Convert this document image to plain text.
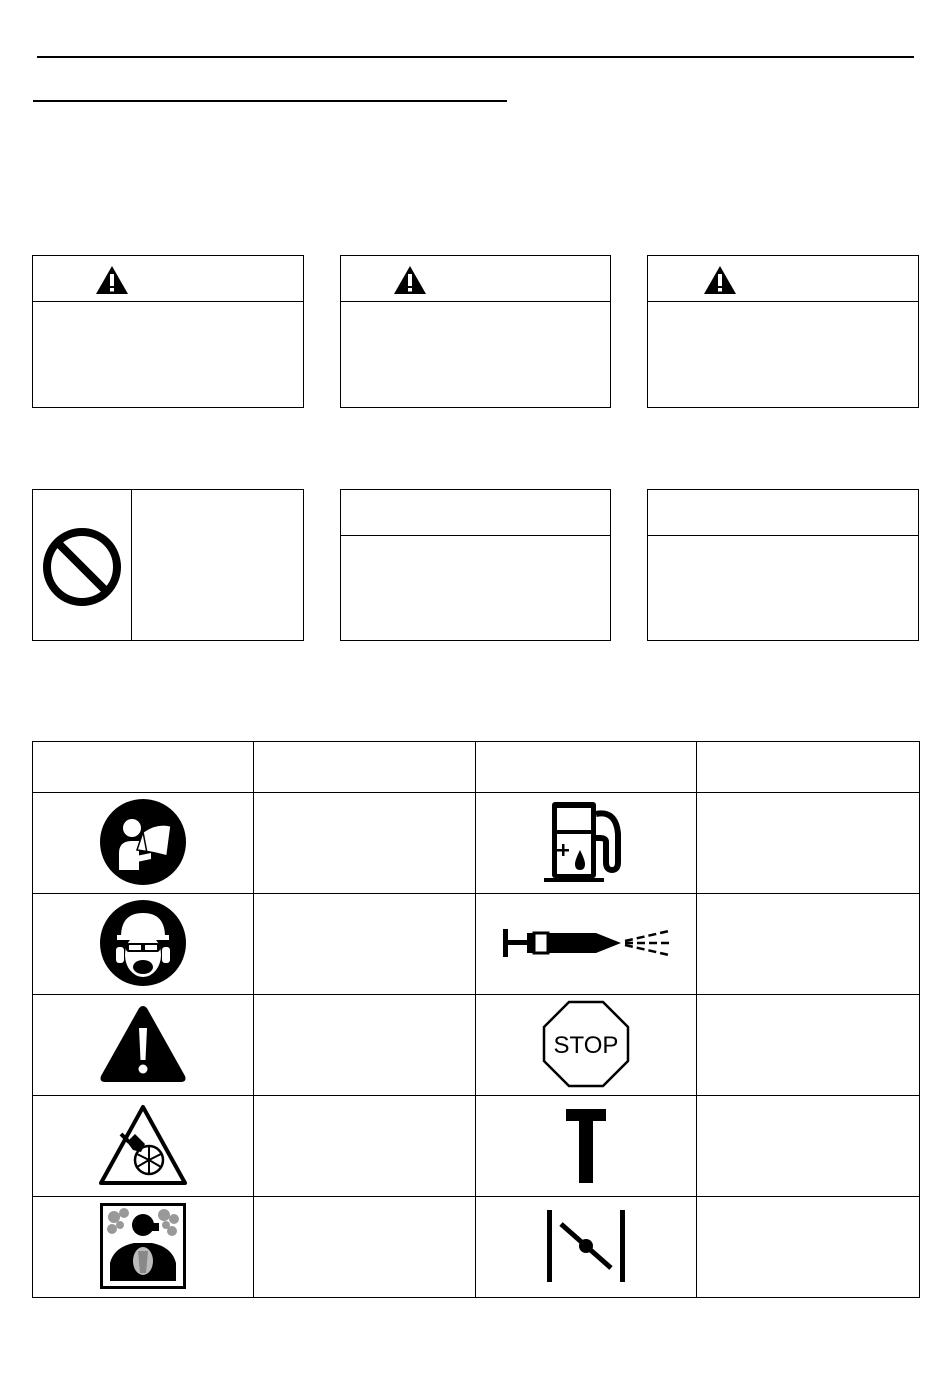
STOP	
